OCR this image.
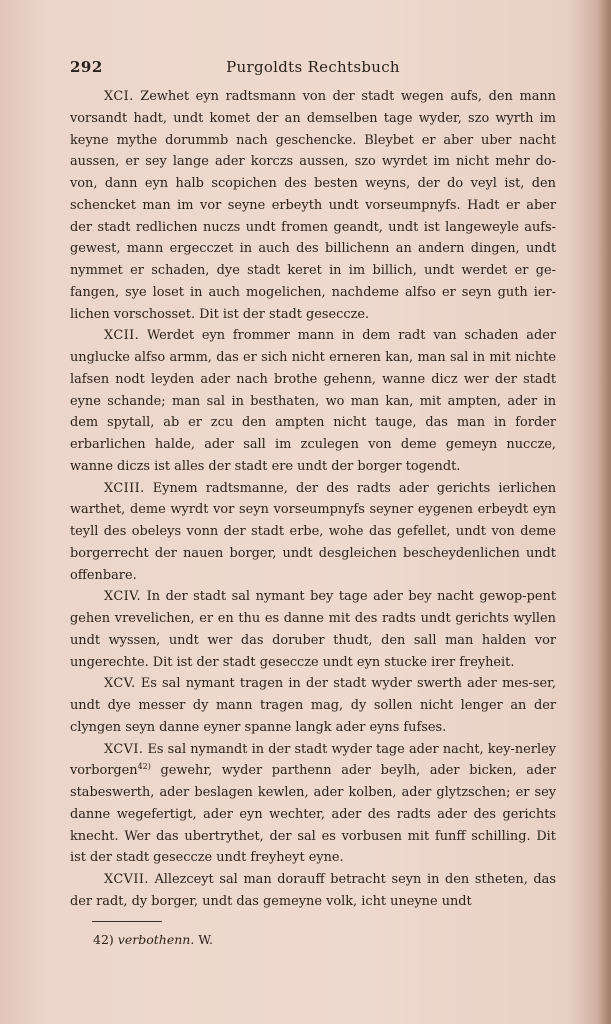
292	Purgoldts Rechtsbuch

XCI. Zewhet eyn radtsmann von der stadt wegen aufs, den mann vorsandt hadt, undt komet der an demselben tage wyder, szo wyrth im keyne mythe dorummb nach geschencke. Bleybet er aber uber nacht aussen, er sey lange ader korczs aussen, szo wyrdet im nicht mehr do-von, dann eyn halb scopichen des besten weyns, der do veyl ist, den schencket man im vor seyne erbeyth undt vorseumpnyfs. Hadt er aber der stadt redlichen nuczs undt fromen geandt, undt ist langeweyle aufs-gewest, mann ergecczet in auch des billichenn an andern dingen, undt nymmet er schaden, dye stadt keret in im billich, undt werdet er ge-fangen, sye loset in auch mogelichen, nachdeme alfso er seyn guth ier-lichen vorschosset. Dit ist der stadt geseccze.

XCII. Werdet eyn frommer mann in dem radt van schaden ader unglucke alfso armm, das er sich nicht erneren kan, man sal in mit nichte lafsen nodt leyden ader nach brothe gehenn, wanne dicz wer der stadt eyne schande; man sal in besthaten, wo man kan, mit ampten, ader in dem spytall, ab er zcu den ampten nicht tauge, das man in forder erbarlichen halde, ader sall im zculegen von deme gemeyn nuccze, wanne diczs ist alles der stadt ere undt der borger togendt.

XCIII. Eynem radtsmanne, der des radts ader gerichts ierlichen warthet, deme wyrdt vor seyn vorseumpnyfs seyner eygenen erbeydt eyn teyll des obeleys vonn der stadt erbe, wohe das gefellet, undt von deme borgerrecht der nauen borger, undt desgleichen bescheydenlichen undt offenbare.

XCIV. In der stadt sal nymant bey tage ader bey nacht gewop-pent gehen vrevelichen, er en thu es danne mit des radts undt gerichts wyllen undt wyssen, undt wer das doruber thudt, den sall man halden vor ungerechte. Dit ist der stadt gesecczе undt eyn stucke irer freyheit.

XCV. Es sal nymant tragen in der stadt wyder swerth ader mes-ser, undt dye messer dy mann tragen mag, dy sollen nicht lenger an der clyngen seyn danne eyner spanne langk ader eyns fufses.

XCVI. Es sal nymandt in der stadt wyder tage ader nacht, key-nerley vorborgen$^{42)}$ gewehr, wyder parthenn ader beylh, ader bicken, ader stabeswerth, ader beslagen kewlen, ader kolben, ader glytzschen; er sey danne wegefertigt, ader eyn wechter, ader des radts ader des gerichts knecht. Wer das ubertrythet, der sal es vorbusen mit funff schilling. Dit ist der stadt gesecczе undt freyheyt eyne.

XCVII. Allezceyt sal man dorauff betracht seyn in den stheten, das der radt, dy borger, undt das gemeyne volk, icht uneyne undt

42) verbothenn. W.
